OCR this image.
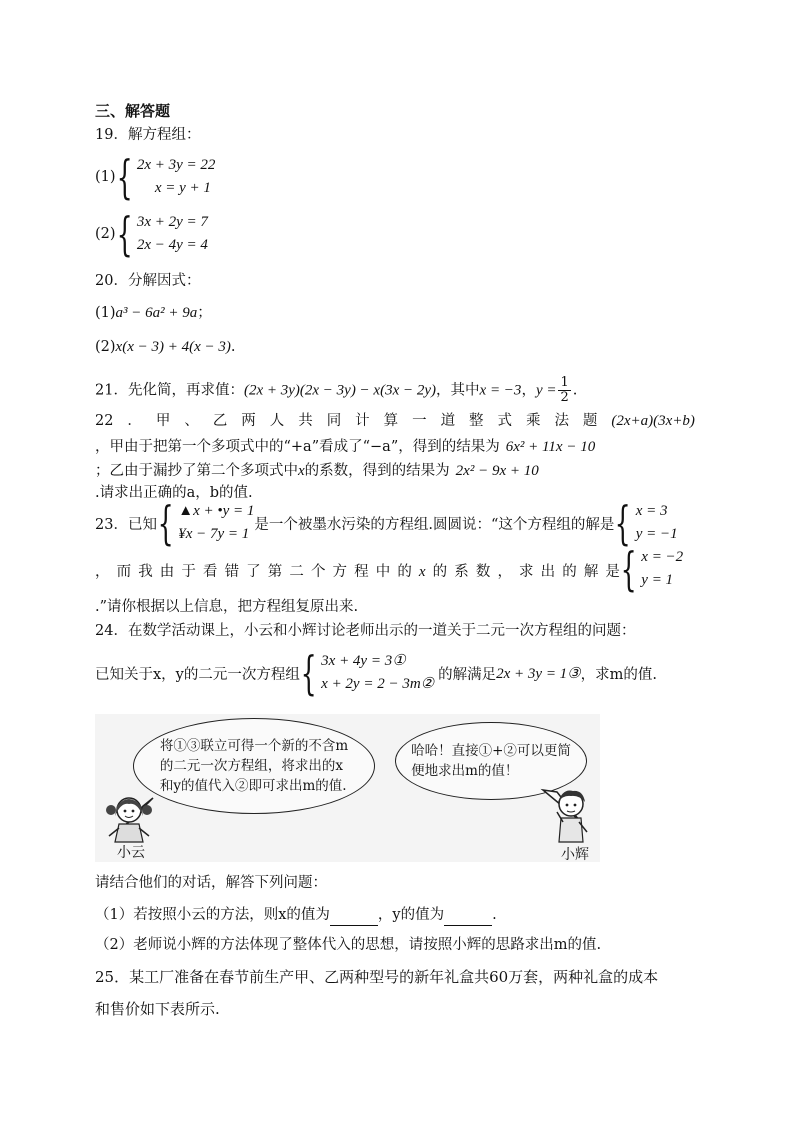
三、解答题
19．解方程组：
(1) { 2x + 3y = 22
x = y + 1
(2) { 3x + 2y = 7
2x − 4y = 4
20．分解因式：
(1)a³ − 6a² + 9a；
(2)x(x − 3) + 4(x − 3).
21．先化简，再求值：(2x + 3y)(2x − 3y) − x(3x − 2y)，其中x = −3，$y = \frac{1}{2}$ .
22 ． 甲 、 乙 两 人 共 同 计 算 一 道 整 式 乘 法 题 (2x+a)(3x+b)
，甲由于把第一个多项式中的“+a”看成了“−a”，得到的结果为 6x² + 11x − 10
；乙由于漏抄了第二个多项式中x的系数，得到的结果为 2x² − 9x + 10
.请求出正确的a，b的值.
23．已知 { ▲x + •y = 1
¥x − 7y = 1
是一个被墨水污染的方程组.圆圆说：“这个方程组的解是 { x = 3
y = −1
， 而 我 由 于 看 错 了 第 二 个 方 程 中 的 x 的 系 数 ， 求 出 的 解 是 { x = −2
y = 1
.”请你根据以上信息，把方程组复原出来.
24．在数学活动课上，小云和小辉讨论老师出示的一道关于二元一次方程组的问题：
已知关于x，y的二元一次方程组 { 3x + 4y = 3①
x + 2y = 2 − 3m②
的解满足 2x + 3y = 1③ ，求m的值.
将①③联立可得一个新的不含m
的二元一次方程组，将求出的x
和y的值代入②即可求出m的值.
哈哈！直接①+②可以更简
便地求出m的值！
小云	小辉
请结合他们的对话，解答下列问题：
（1）若按照小云的方法，则x的值为	，y的值为	.
（2）老师说小辉的方法体现了整体代入的思想，请按照小辉的思路求出m的值.
25．某工厂准备在春节前生产甲、乙两种型号的新年礼盒共60万套，两种礼盒的成本
和售价如下表所示.
